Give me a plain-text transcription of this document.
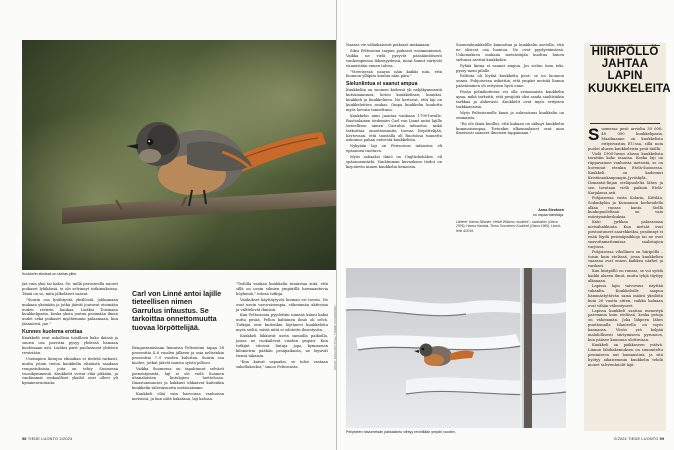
Kuukkelin silmissä on utelias pilke.

jää vain yksi tai kaksi. Se, millä perusteella nuoret poikaset lyhikäisiä, ei ole selvinnyt tutkimuksissa. Tämä on se, mitä jälkeläiset saavat.

"Suurin osa lysähtyvää yksilöistä, johkamaan mukaan yksinään ja jotka jäävät joutuvat etsimään uuden reviirin kaukaa. Lisäksi Toisinaan kuukkeliparin, koska yksin joutuu pesimään ilman uudet sekä poikaset myöhemmin palaamaan, kun jäännöstä, jne."

Kunnes kuolema erottaa

Kuukkelit ovat uskollisia toisilleen koko ikänsä ja suurin osa pareista pysyy yhdessä hamaan kuolemaan asti. Lisäksi parit puolustavat yhteistä reviiriään.

Useimpien lintujen elinaikaa ei tiedetä tarkasti, mutta jotain tietoa kuukkelin eliniästä saadaan rengastuksista, joita on tehty Suomessa vuosikymmeniä. Kuukkelit voivat elää pitkään, ja vanhimmat renkaalliset yksilöt ovat olleet yli kymmenvuotiaita.

Carl von Linné antoi lajille tieteellisen nimen Garrulus infaustus. Se tarkoittaa onnettomuutta tuovaa lörpöttelijää.

Rengastamistaan linnuista Peltosiemi tapaa 28 prosenttia 4–6 vuoden jälkeen ja osia nelisenkin prosenttia 7–9 vuoden kuluttua. Suurin osa kuolee, jotkut jäävät muista syistä pilloon.

Vaikka Suomessa on tapahtunut selvästi pienentymistä, laji ei ole vielä Suomen uhanalaisten lintulajien luettelossa. Ilmastonmuutos ja hakkuut uhkaavat kuitenkin kuukkelin tulevaisuutta metsissämme.

Kuukkeli elää vain harvoissa vanhoissa metsissä, ja kun niitä hakataan, laji katoaa.

"Todella vanhan kuukkelin tunnistaa siitä, että sillä on usein silmien ympärillä harmaantuvia höyheniä," toteaa tutkija.

Vanhukset käyttäytyvät hieman eri tavoin. Ne ovat usein varovaisempia, vähemmän aktiivisia ja välttelevät ihmisiä.

Kun Peltosinsta pyydettiin nimeää kiinni kaksi uutta pesää, Pellon kaltainen ilmiö oli selvä. Tutkijat ovat kuitenkin löytäneet kuukkeleita myös sieltä, mistä niitä ei odotettu ilmestyvän.

Kuukkeli liikkuvat usein samoilla paikoilla, joissa ne ruokailevat vuoden ympäri. Kun tutkijat sitoivat lintuja jopa kymmenen kilometrin päähän pesäpaikasta, ne löysivät tiensä takaisin.

"Kun kaivat vapaaksi, se tulee vastaan sukellukseksi," sanoo Peltosinsta.	KUVAT: ESSI PALTTOLA, TOMMI VAUHKONEN
58 TIEDE LUONTO 2/2024

Naaras vie väliaikaisesti poikaset mukanaan.

Siksi Peltosiemi tarpuu poikaset ensimmäisenä. Vaikka ne vielä pysyvät pääsääntöisesti vanhempiensa läheisyydessä, muut linnut siirtyvät viimeistään ennen talvea.

"Viereisessä naaras näin kaikki niin, että luonnon ylläpito kuuluu näin päin."

Sielunlintua ei saanut ampua

Kuukkeliin on suomen kielessä yli neljäkymmentä kutsumanimeä, koten kuukkelinen, kuuuksi, kuukkeli ja kuukkelinen. Ne kertovat, että laji on kuukkeleitten asukas. Ompa kuukkelin kuuluttu myös lorvain tunnettuna.

Kuukkelin nimi juontaa vanhaan 1700-luvulle. Ruotsalainen tiedemies Carl von Linné antoi lajille tieteellisen nimen Garrulus infaustus, mikä tarkoittaa onnettomuutta tuovaa lörpöttelijää. Kertovaan, että taustalla oli Ruotsissa tunnettu uskomus pahan enteestä kuukkelista.

Nykyään laji on Perisoreus infaustus eli epäonnea tuottava.

Myös sahaaksi ilmiö on Unglückshäher, eli epäonnennärhi. Vanhimman kuvauksen tiedot on kirjoitettu nimen kuukkelin keinoista.

Suomenkuukkelille kannattaa ja kuukkelin asetella, että ne olisivat osa luontoa. Ne ovat pyydystämässä. Uskomuksen mukaan metsästäjän kuoltua hänen sielunsa asettui kuukkeliin.

Pyhää lintua ei saanut ampua. Jos sielun tuon teki, pyssy meni pilalle.

Paltinta oli löytää kuukkelin pesä: se toi luonnon onnea. Pohjoisessa uskottiin, että ympäri metsää linnun päästäminen oli erityisen hyvä enne.

Pesän pelmikoitessa voi olla erinomaista kuukkelin apua, mikä tarkoitti, että pesijöitä olisi saada saaliistakin tarkkaa ja ahkerasti. Kuukkelit ovat myös erityisen tarkkaavaisia.

Myös Peltosiemelle kausi ja sulavaisuus kuukkelin on ominaista.

"En ole ikinä kuullut, että kukaan on nähnyt kuukkelin kummoisempaa. Tietenkin ulkomaalaiset ovat aina ilmeisesti saaneet ilmeisen tappamaan."

Anna Sievänen
on vapaa toimittaja.
Lähteet: Hanna Sillanen, Heikki Willamo: kuukkeli – salakaihto (Otava 2005); Hanna Hautala, Teuvo Suominen: Kuukkeli (Otava 1990); Linnut-lehti 4/2016.
Pellysteen havumetsän pakkaslintu viihtyy reviirillään ympäri vuoden.
HIIRIPÖLLÖ JAHTAA LAPIN KUUKKELEITA

Suomessa pesii arviolta 30 000–40 000 kuukkeliparia. Maailmanne on kuukkelista erityisvastuu EU:ssa, sillä noin puolet alueen kuukkeleista pesii täällä.

Vielä 1900-luvun alussa kuukkelista tavattiin koko maassa. Koska laji on riippuvainen vanhoista metsistä, se on huvennut etenkin Etelä-Suomessa. Kuukkeli on kadonnut Kristiinankaupungin–Jyväskylä–Ilomantsi-linjan eteläpuolelta lähes ja sen tavataan vielä paikoin Etelä-Karjalassa asti.

Pohjoisessa vasta Kolarin, Kittilän, Sodankylän ja Kuusamon korkeudella alkaa runsas kanta. Siellä kuukopuoleltaan on vain esiintymiskeskuksia.

Kato jyrkkaa palaeasiasa metsähakkuuta. Kun metsät ovat pirstoutuneet saarekkeiksi, pesöinnyt ei enää löydä pesimäpaikkoja tai ne ovat saavuttamattomissa saalistajien varjossa.

Pohjoisessa vihollinen on hiiripöllö – toisin kuin etelässä, jossa kuukkelien vaarana ovat ennen kaikkea närhet ja varikset.

Kun hiiripöllö on runsas, se voi syödä kaikki alueen ilmut, mutta tyhjä täyttyy alkanaan.

Lapissa lajin taivuvuus näyttää vakaalta. Kuukkeloille saapuu hämmästyttävän sama määrä yksilöitä kuin 20 vuotta sitten, vaikka kaluaan ovat vähän vähentyneet.

Lapissa kuukkeli saattaa menestyä paremmin kuin etelässä, koska petoja on vähemmän. Joka lähpeen lähes puuttomalla tilanteella on myös kannansa. Vörön yrä kelpää mahdollisesti siirtymiseen pyrunoon, kun pääsee kuunuun ulottuvaan.

Kuukkeli on paikkaseen ystävä. Linnun lähihakemuksen on suunniteltu pesimiseen nut humanstinä, ja sitä hyötyy aikaisemmin kuukkelin tehdä monet talveenhuolit lajit.

2/2024 TIEDE LUONTO 59
